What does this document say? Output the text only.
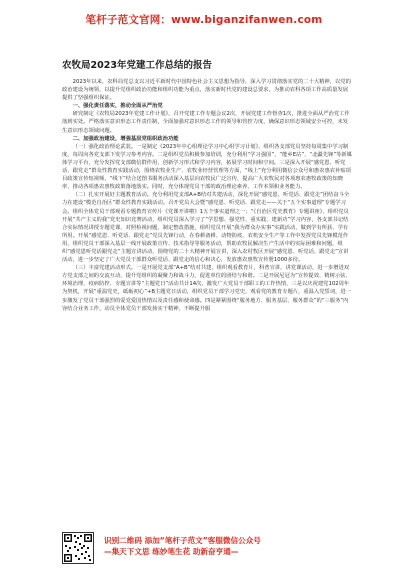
笔杆子范文官网：www.biganzifanwen.com
农牧局2023年党建工作总结的报告

2023年以来，农科局党总支以习近平新时代中国特色社会主义思想为指导，深入学习贯彻落实党的二十大精神，以党的政治建设为统领，以提升党组织政治功能和组织功能为重点，落实新时代党的建设总要求，为推动农科各项工作高质量发展提供了坚强组织保证。

一、强化责任落实，推动全面从严治党

研究制定《农牧局2023年党建工作计划》，召开党建工作专题会议2次，开展党建工作督查1次，推进全面从严治党工作落到实处。严格落实意识形态工作责任制，全面加强对意识形态工作的领导和管控力度，确保意识形态领域安全可控，未发生意识形态领域问题。

二、加强政治建设，增强基层党组织政治功能

（一）强化政治理论武装。一是制定《2023年中心组理论学习中心组学习计划》，组织各支部党员坚持每周集中学习制度，每周向各党支部下发学习参考内容。二是组织党员积极参加培训，充分利用“学习强国”、“能乡E站”、“北疆先锋”等新媒体学习平台，充分发挥党支部微信群作用，创新学习形式和学习内容，拓展学习时间和空间。三是深入开展“感党恩、听党话、跟党走”群众性教育实践活动，围绕农牧业生产、农牧业经营管理等方面，“线上”充分利用微信公众号和惠农惠农补贴项目政策宣传短视频，“线下”结合送图书服务活动深入基层向农牧民广泛宣传，提高广大农牧民对各项惠农惠牧政策的知晓率，推动各项惠农惠牧政策落地落实。同时，充分体现党员干部的政治理论素养、工作本领和业务能力。

（二）扎实开展好主题教育活动。充分利用党支部A+B结对共建活动，深化开展“感党恩、听党话、跟党走”团结奋斗全力在建设“模范自治区”群众性教育实践活动。召开党员大会暨“感党恩、听党话、跟党走——关于“五个实事道理”专题学习会。组织全体党员干部观看专题教育宣传片《党课开讲啦》1五个事实道理之一；“《自治区党史教育》专题讲座》，组织党员开展“共产主义的我”党史知识竞赛活动，组织党员深入学习了“学思想、强党性、重实践、建新功”学习内容，各支部书记结合实际情况讲授专题党课，对照检视问题，制定整改措施，组织党员开展“我为群众办实事”实践活动，做到学有所获、学有所用。开展“感党恩、听党话、跟党走”党员先锋行动，在春耕备耕、动物防疫、农机安全生产等工作中发挥党员先锋模范作用，组织党员干部深入基层一线开展政策宣传、技术指导等服务活动，帮助农牧民解决生产生活中的实际困难和问题，组织“感党恩听党话跟党走”主题宣讲活动，围绕党的二十大精神开展宣讲，深入农村牧区开展“感党恩、听党话、跟党走”宣讲活动，进一步坚定了广大党员干部群众听党话、跟党走的信心和决心，发放惠农惠牧宣传册1000多份。

（三）丰富党建活动形式。一是开展党支部“A+B”结对共建，组织观看教育片，科普宣讲，讲党课活动，进一步增进双方党支部之间的交流互动，提升党组织的凝聚力和战斗力，促进单位的团结与和谐。二是开展尼冠为“宣传提效、精树示弦、环境治理、疫病防控、专题宣讲等“主题党日”活动共计14次，激发广大党员干部职工的工作热情，三是以庆祝建党102周年为契机，开展“重温党史，砥砺初心”+B主题党日活动，组织党员干部学习党史，观看党的教育专题片，重温入党誓词，进一步激发了党员干部强烈的爱党爱国热情以及责任感和使命感。四是紧紧围绕“服务地方、服务基层、服务群众”的“三服务”内容结合业务工作，动员全体党员干部发扬实干精神，不断提升服

识别二维码 添加“笔杆子范文”客服微信公众号
—集天下文思 练妙笔生花 助新奋亨通—
